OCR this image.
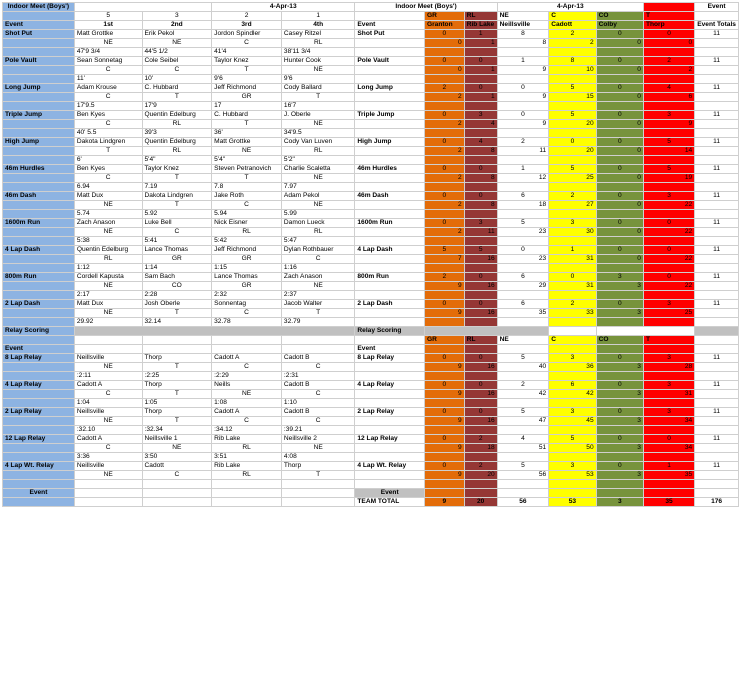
Indoor Meet (Boys')			4-Apr-13		Indoor Meet (Boys')			4-Apr-13				Event
	5	3	2	1		GR	RL	NE	C	CO	T	
Event	1st	2nd	3rd	4th	Event	Granton	Rib Lake	Neillsville	Cadott	Colby	Thorp	Event Totals
Shot Put	Matt Grottke	Erik Pekol	Jordon Spindler	Casey Ritzel	Shot Put	0	1	8	2	0	0	11
	NE	NE	C	RL		0	1	8	2	0	0	
	47'9 3/4	44'5 1/2	41'4	38'11 3/4								
Pole Vault	Sean Sonnetag	Cole Seibel	Taylor Knez	Hunter Cook	Pole Vault	0	0	1	8	0	2	11
	C	C	T	NE		0	1	9	10	0	2	
	11'	10'	9'6	9'6								
Long Jump	Adam Krouse	C. Hubbard	Jeff Richmond	Cody Ballard	Long Jump	2	0	0	5	0	4	11
	C	T	GR	T		2	1	9	15	0	6	
	17'9.5	17'9	17	16'7								
Triple Jump	Ben Kyes	Quentin Edelburg	C. Hubbard	J. Oberle	Triple Jump	0	3	0	5	0	3	11
	C	RL	T	NE		2	4	9	20	0	9	
	40' 5.5	39'3	36'	34'9.5								
High Jump	Dakota Lindgren	Quentin Edelburg	Matt Grottke	Cody Van Luven	High Jump	0	4	2	0	0	5	11
	T	RL	NE	RL		2	8	11	20	0	14	
	6'	5'4"	5'4"	5'2"								
46m Hurdles	Ben Kyes	Taylor Knez	Steven Petranovich	Charlie Scaletta	46m Hurdles	0	0	1	5	0	5	11
	C	T	T	NE		2	8	12	25	0	19	
	6.94	7.19	7.8	7.97								
46m Dash	Matt Dux	Dakota Lindgren	Jake Roth	Adam Pekol	46m Dash	0	0	6	2	0	3	11
	NE	T	C	NE		2	8	18	27	0	22	
	5.74	5.92	5.94	5.99								
1600m Run	Zach Anason	Luke Bell	Nick Eisner	Damon Lueck	1600m Run	0	3	5	3	0	0	11
	NE	C	RL	RL		2	11	23	30	0	22	
	5:38	5:41	5:42	5:47								
4 Lap Dash	Quentin Edelburg	Lance Thomas	Jeff Richmond	Dylan Rothbauer	4 Lap Dash	5	5	0	1	0	0	11
	RL	GR	GR	C		7	16	23	31	0	22	
	1:12	1:14	1:15	1:16								
800m Run	Cordell Kapusta	Sam Bach	Lance Thomas	Zach Anason	800m Run	2	0	6	0	3	0	11
	NE	CO	GR	NE		9	16	29	31	3	22	
	2:17	2:28	2:32	2:37								
2 Lap Dash	Matt Dux	Josh Oberle	Sonnentag	Jacob Walter	2 Lap Dash	0	0	6	2	0	3	11
	NE	T	C	T		9	16	35	33	3	25	
	29.92	32.14	32.78	32.79								
Relay Scoring					Relay Scoring							
						GR	RL	NE	C	CO	T	
Event					Event							
8 Lap Relay	Neillsville	Thorp	Cadott A	Cadott B	8 Lap Relay	0	0	5	3	0	3	11
	NE	T	C	C		9	16	40	36	3	28	
	:2:11	:2:25	:2:29	:2:31								
4 Lap Relay	Cadott A	Thorp	Neills	Cadott B	4 Lap Relay	0	0	2	6	0	3	11
	C	T	NE	C		9	16	42	42	3	31	
	1:04	1:05	1:08	1:10								
2 Lap Relay	Neillsville	Thorp	Cadott A	Cadott B	2 Lap Relay	0	0	5	3	0	3	11
	NE	T	C	C		9	16	47	45	3	34	
	:32.10	:32.34	:34.12	:39.21								
12 Lap Relay	Cadott A	Neillsville 1	Rib Lake	Neillsville 2	12 Lap Relay	0	2	4	5	0	0	11
	C	NE	RL	NE		9	18	51	50	3	34	
	3:36	3:50	3:51	4:08								
4 Lap Wt. Relay	Neillsville	Cadott	Rib Lake	Thorp	4 Lap Wt. Relay	0	2	5	3	0	1	11
	NE	C	RL	T		9	20	56	53	3	35	

Event					Event							
					TEAM TOTAL	9	20	56	53	3	35	176
